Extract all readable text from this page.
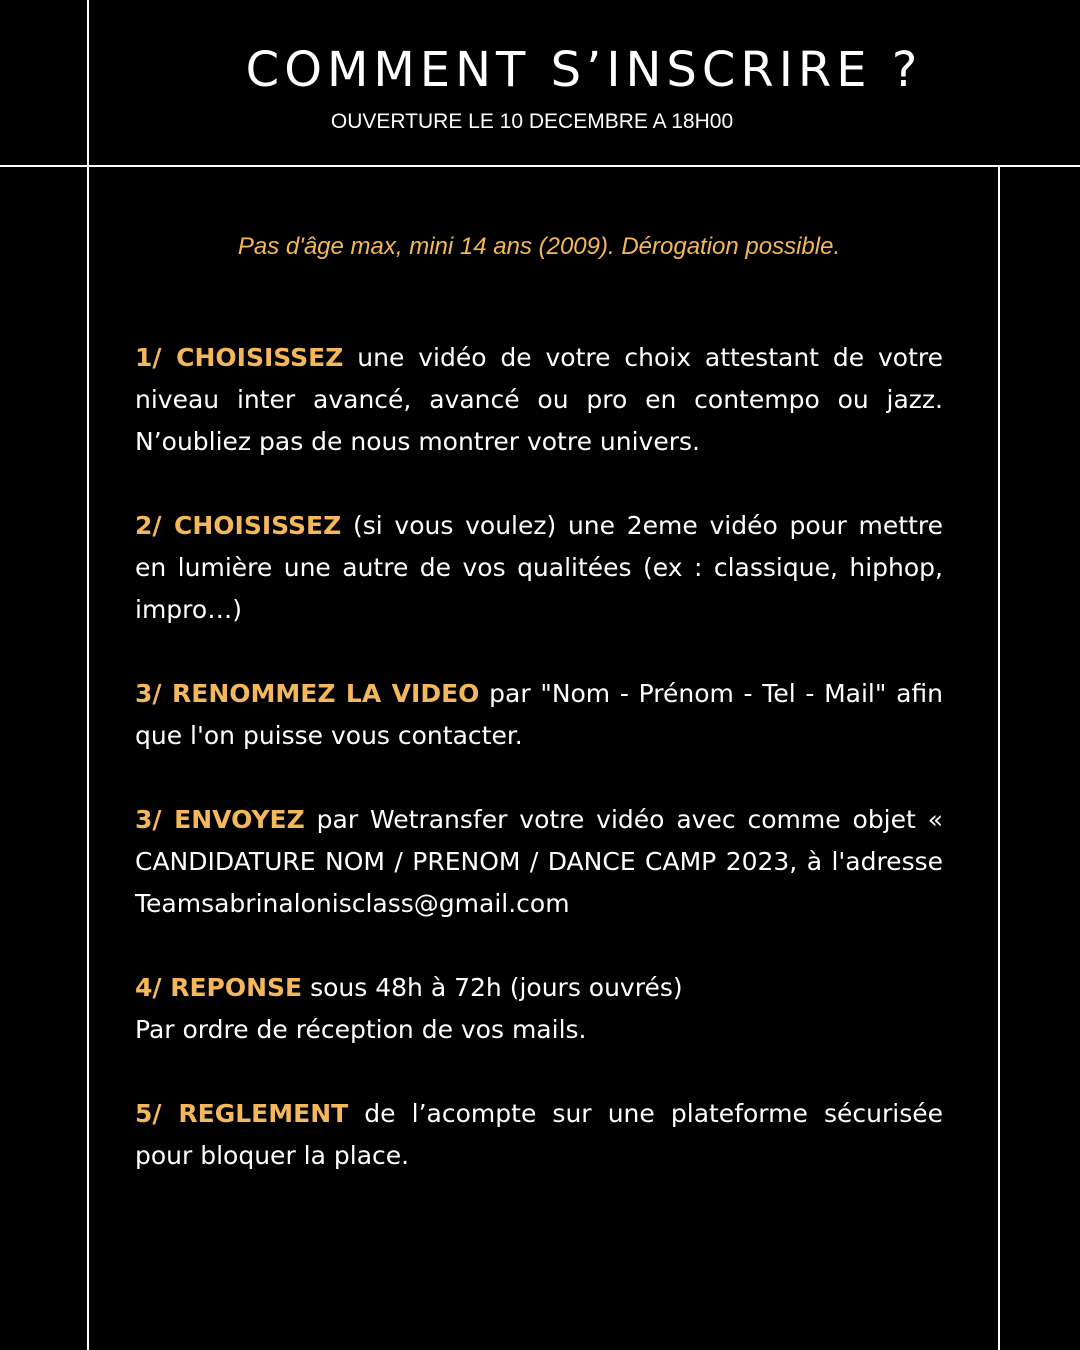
COMMENT S’INSCRIRE ?
OUVERTURE LE 10 DECEMBRE A 18H00
Pas d'âge max, mini 14 ans (2009). Dérogation possible.

1/ CHOISISSEZ une vidéo de votre choix attestant de votre niveau inter avancé, avancé ou pro en contempo ou jazz. N’oubliez pas de nous montrer votre univers.

2/ CHOISISSEZ (si vous voulez) une 2eme vidéo pour mettre en lumière une autre de vos qualitées (ex : classique, hiphop, impro…)

3/ RENOMMEZ LA VIDEO par "Nom - Prénom - Tel - Mail" afin que l'on puisse vous contacter.

3/ ENVOYEZ par Wetransfer votre vidéo avec comme objet « CANDIDATURE NOM / PRENOM / DANCE CAMP 2023, à l'adresse Teamsabrinalonisclass@gmail.com

4/ REPONSE sous 48h à 72h (jours ouvrés)
Par ordre de réception de vos mails.

5/ REGLEMENT de l’acompte sur une plateforme sécurisée pour bloquer la place.
